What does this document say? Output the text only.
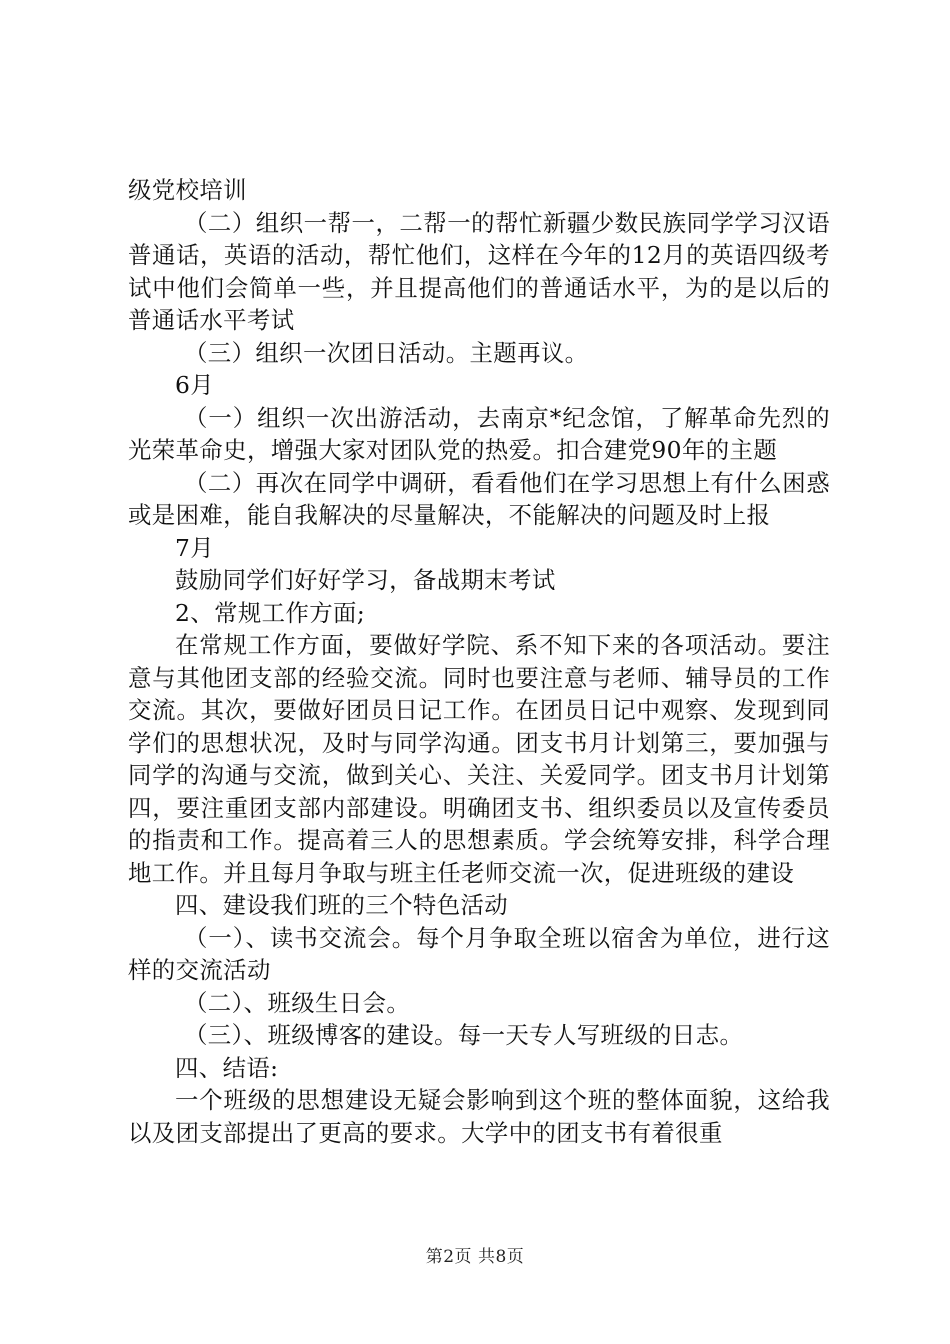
级党校培训

（二）组织一帮一，二帮一的帮忙新疆少数民族同学学习汉语普通话，英语的活动，帮忙他们，这样在今年的12月的英语四级考试中他们会简单一些，并且提高他们的普通话水平，为的是以后的普通话水平考试

（三）组织一次团日活动。主题再议。

6月

（一）组织一次出游活动，去南京*纪念馆，了解革命先烈的光荣革命史，增强大家对团队党的热爱。扣合建党90年的主题

（二）再次在同学中调研，看看他们在学习思想上有什么困惑或是困难，能自我解决的尽量解决，不能解决的问题及时上报

7月

鼓励同学们好好学习，备战期末考试

2、常规工作方面;

在常规工作方面，要做好学院、系不知下来的各项活动。要注意与其他团支部的经验交流。同时也要注意与老师、辅导员的工作交流。其次，要做好团员日记工作。在团员日记中观察、发现到同学们的思想状况，及时与同学沟通。团支书月计划第三，要加强与同学的沟通与交流，做到关心、关注、关爱同学。团支书月计划第四，要注重团支部内部建设。明确团支书、组织委员以及宣传委员的指责和工作。提高着三人的思想素质。学会统筹安排，科学合理地工作。并且每月争取与班主任老师交流一次，促进班级的建设

四、建设我们班的三个特色活动

（一）、读书交流会。每个月争取全班以宿舍为单位，进行这样的交流活动

（二）、班级生日会。

（三）、班级博客的建设。每一天专人写班级的日志。

四、结语:

一个班级的思想建设无疑会影响到这个班的整体面貌，这给我以及团支部提出了更高的要求。大学中的团支书有着很重

第2页 共8页
